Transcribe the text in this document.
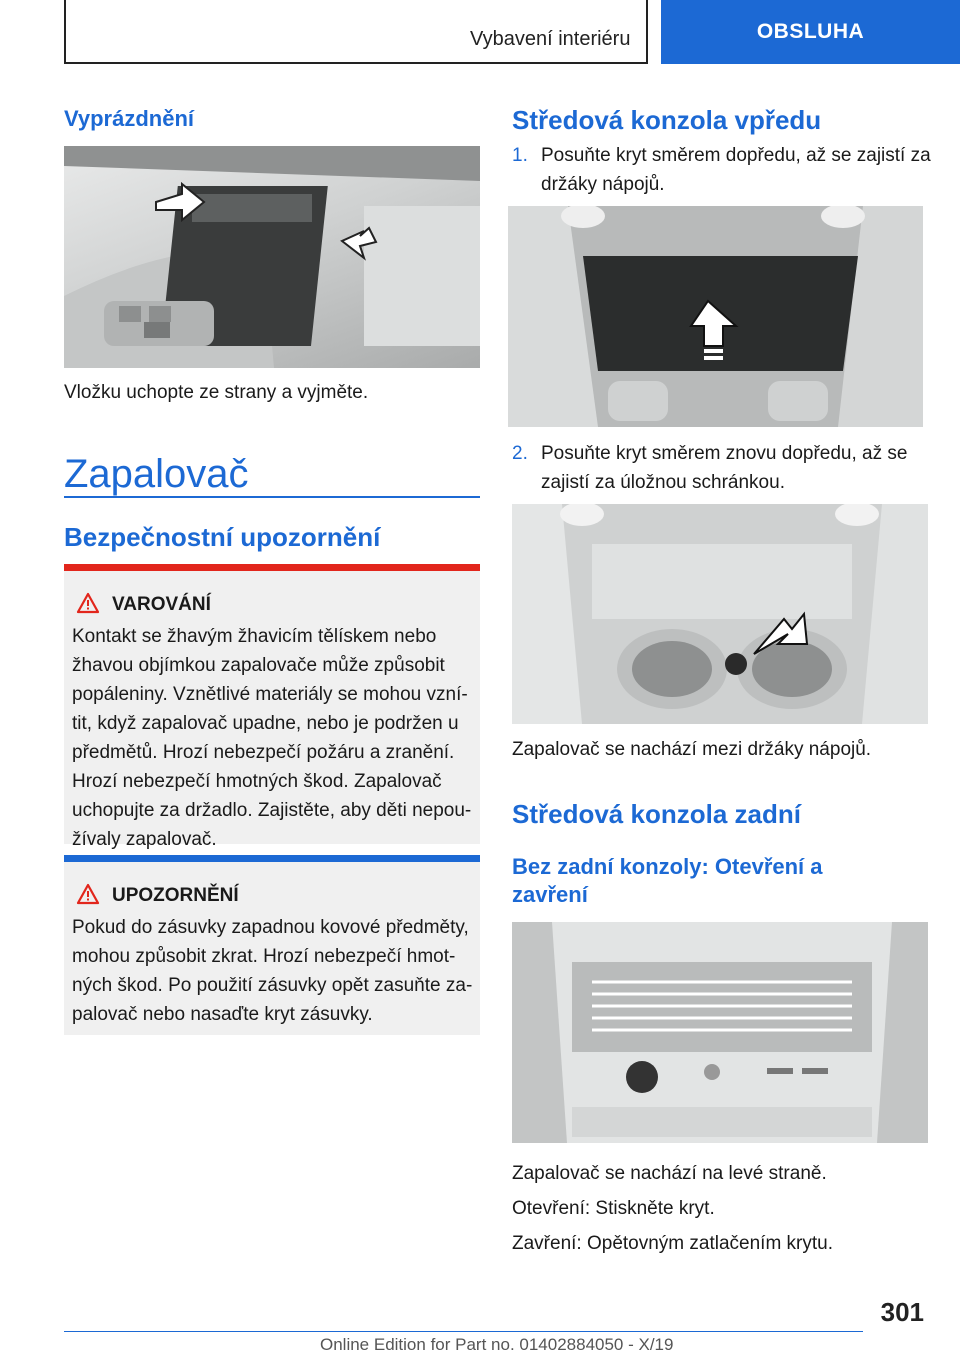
Vybavení interiéru	OBSLUHA
Vyprázdnění
Vložku uchopte ze strany a vyjměte.
Zapalovač
Bezpečnostní upozornění
VAROVÁNÍ
Kontakt se žhavým žhavicím tělískem nebo
žhavou objímkou zapalovače může způsobit
popáleniny. Vznětlivé materiály se mohou vzní‐
tit, když zapalovač upadne, nebo je podržen u
předmětů. Hrozí nebezpečí požáru a zranění.
Hrozí nebezpečí hmotných škod. Zapalovač
uchopujte za držadlo. Zajistěte, aby děti nepou‐
žívaly zapalovač.
UPOZORNĚNÍ
Pokud do zásuvky zapadnou kovové předměty,
mohou způsobit zkrat. Hrozí nebezpečí hmot‐
ných škod. Po použití zásuvky opět zasuňte za‐
palovač nebo nasaďte kryt zásuvky.
Středová konzola vpředu
1. Posuňte kryt směrem dopředu, až se zajistí za
držáky nápojů.
2. Posuňte kryt směrem znovu dopředu, až se
zajistí za úložnou schránkou.
Zapalovač se nachází mezi držáky nápojů.
Středová konzola zadní
Bez zadní konzoly: Otevření a
zavření
Zapalovač se nachází na levé straně.
Otevření: Stiskněte kryt.
Zavření: Opětovným zatlačením krytu.
301
Online Edition for Part no. 01402884050 - X/19
